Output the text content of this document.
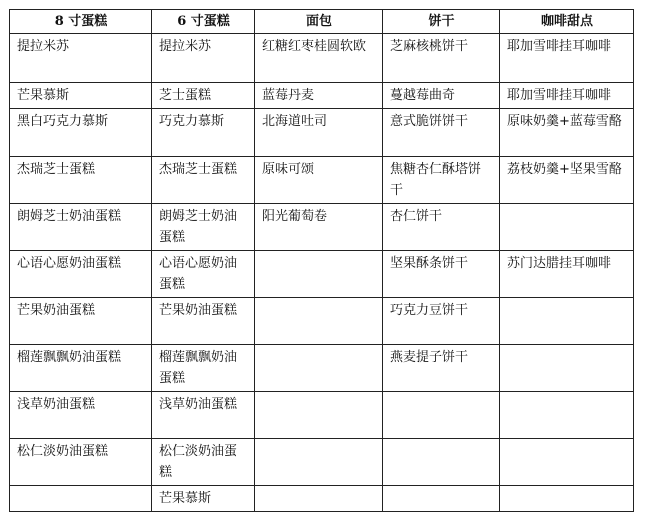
8 寸蛋糕	6 寸蛋糕	面包	饼干	咖啡甜点
提拉米苏	提拉米苏	红糖红枣桂圆软欧	芝麻核桃饼干	耶加雪啡挂耳咖啡
芒果慕斯	芝士蛋糕	蓝莓丹麦	蔓越莓曲奇	耶加雪啡挂耳咖啡
黑白巧克力慕斯	巧克力慕斯	北海道吐司	意式脆饼饼干	原味奶羹+蓝莓雪酪
杰瑞芝士蛋糕	杰瑞芝士蛋糕	原味可颂	焦糖杏仁酥塔饼干	荔枝奶羹+坚果雪酪
朗姆芝士奶油蛋糕	朗姆芝士奶油蛋糕	阳光葡萄卷	杏仁饼干	
心语心愿奶油蛋糕	心语心愿奶油蛋糕		坚果酥条饼干	苏门达腊挂耳咖啡
芒果奶油蛋糕	芒果奶油蛋糕		巧克力豆饼干	
榴莲飘飘奶油蛋糕	榴莲飘飘奶油蛋糕		燕麦提子饼干	
浅草奶油蛋糕	浅草奶油蛋糕			
松仁淡奶油蛋糕	松仁淡奶油蛋糕			
	芒果慕斯			
